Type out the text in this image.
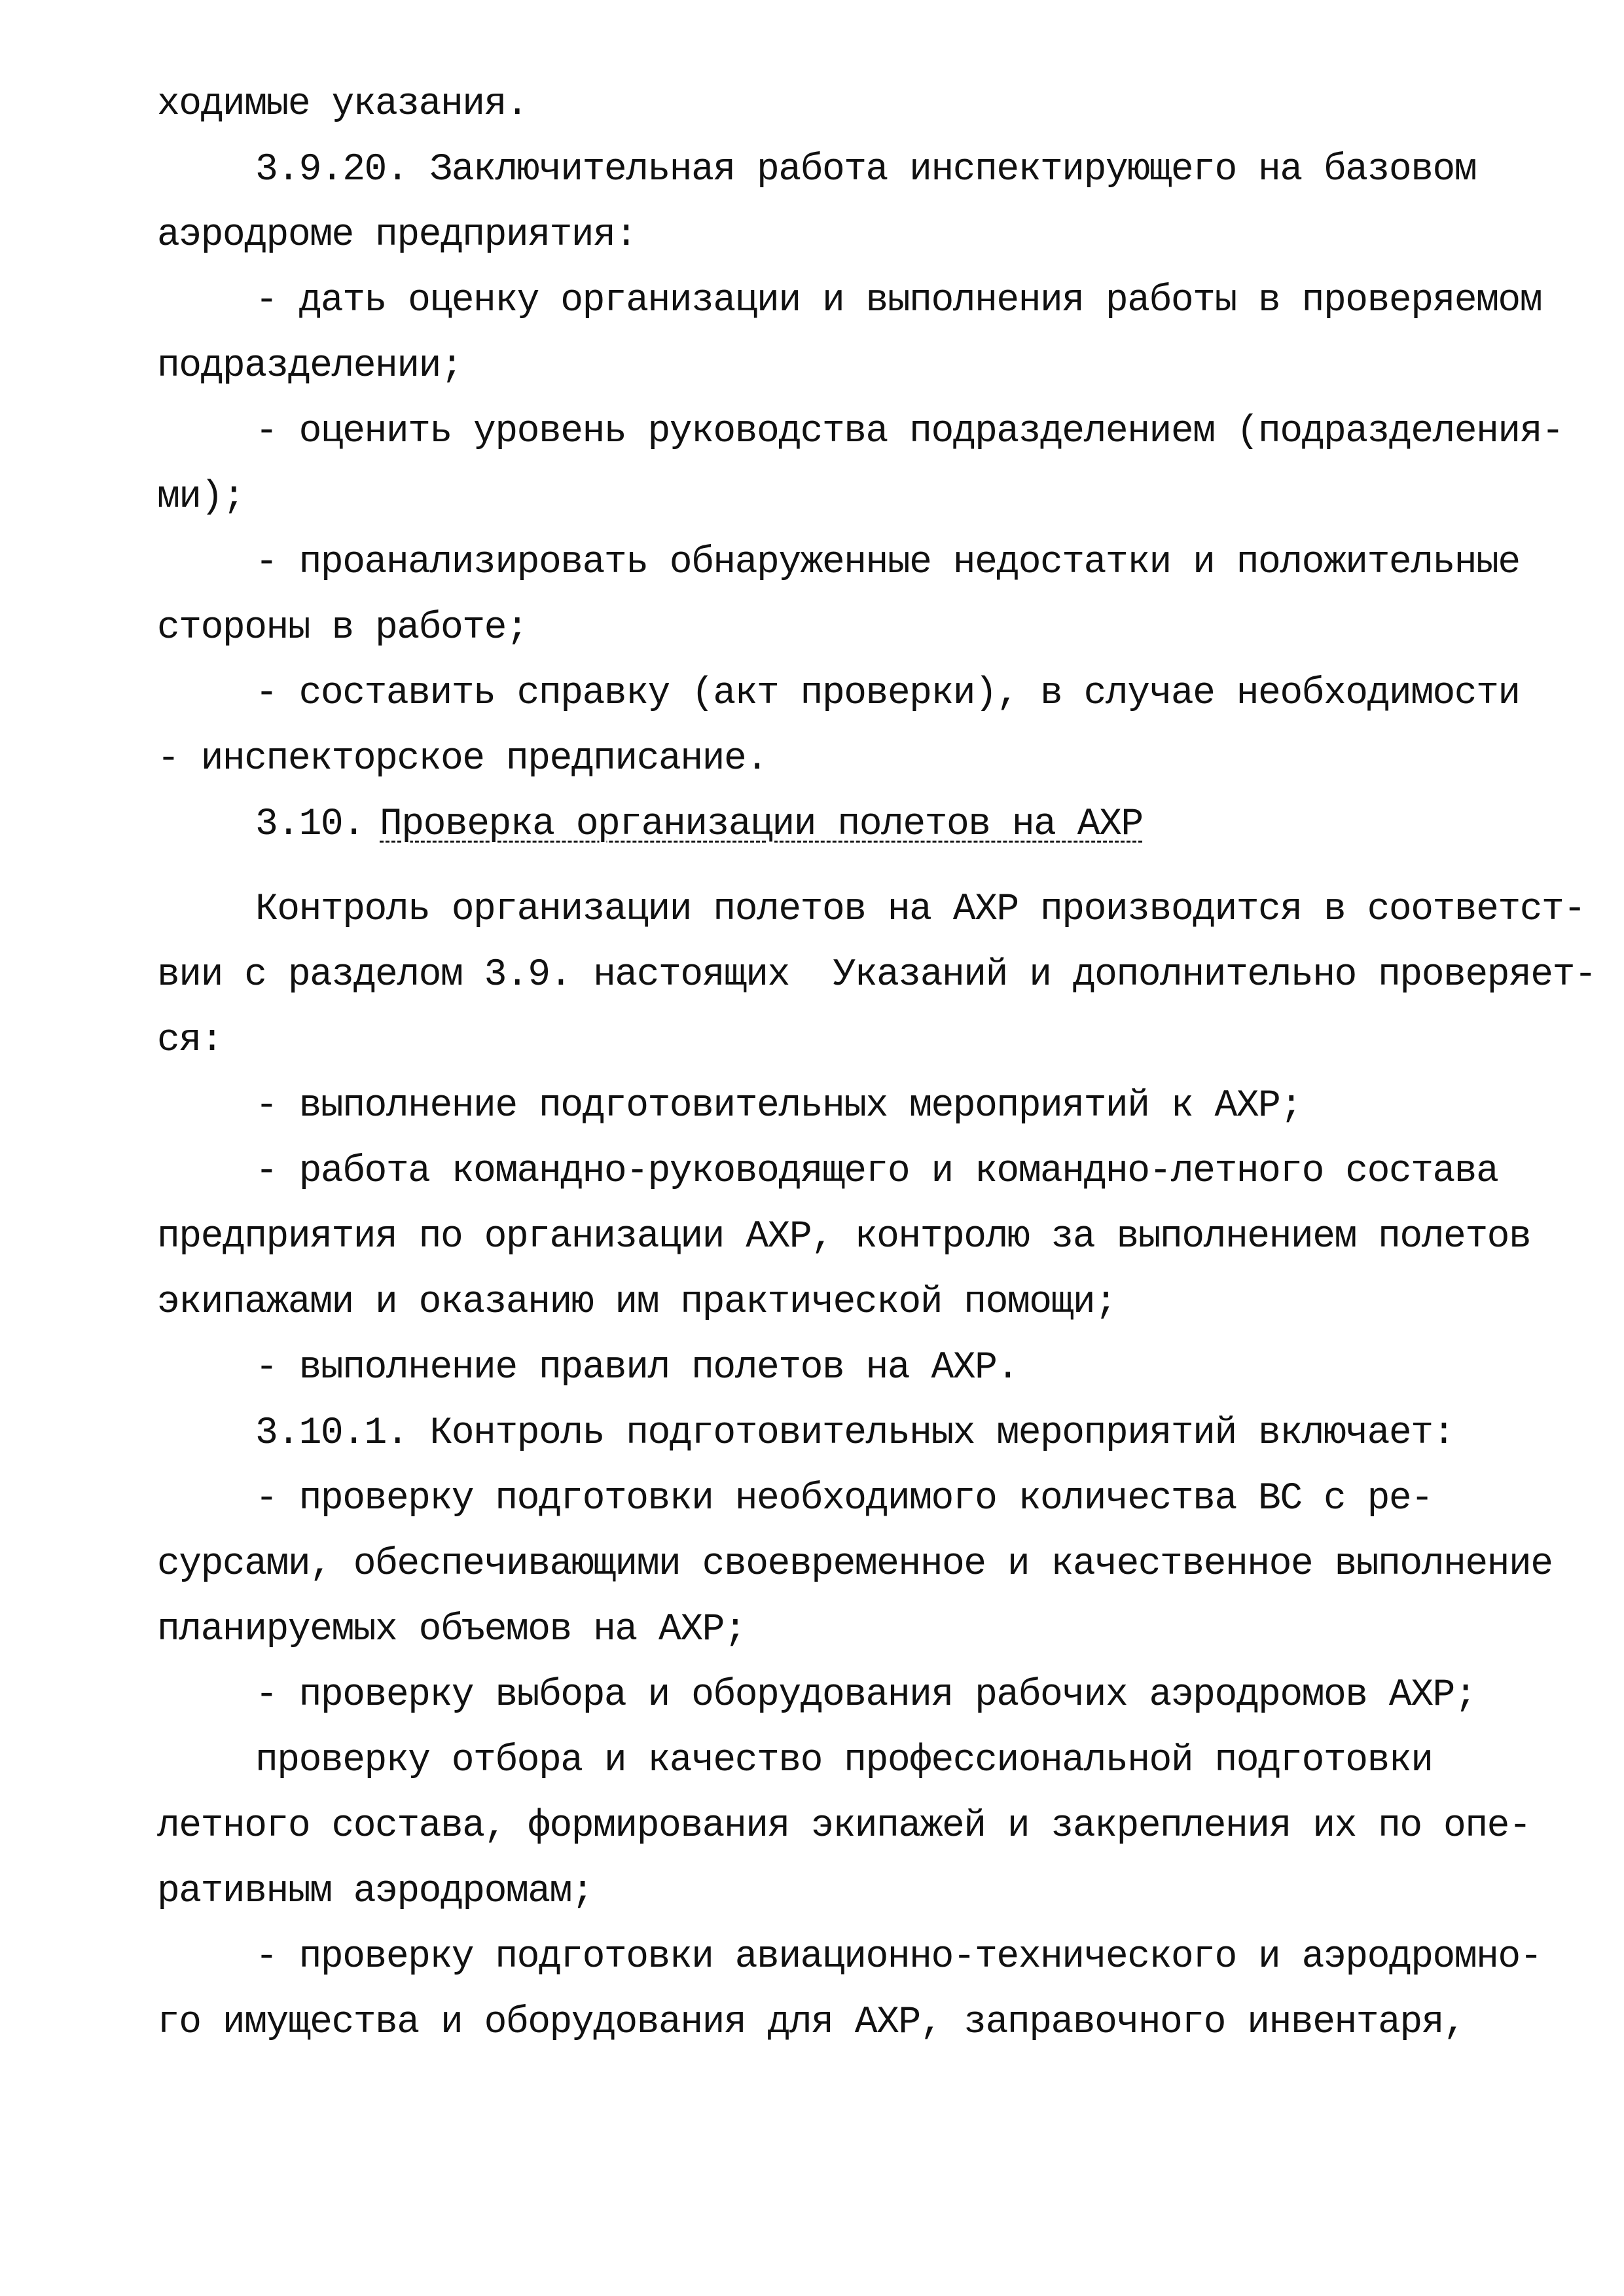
ходимые указания.
3.9.20. Заключительная работа инспектирующего на базовом
аэродроме предприятия:
- дать оценку организации и выполнения работы в проверяемом
подразделении;
- оценить уровень руководства подразделением (подразделения-
ми);
- проанализировать обнаруженные недостатки и положительные
стороны в работе;
- составить справку (акт проверки), в случае необходимости
- инспекторское предписание.
3.10. Проверка организации полетов на АХР
Контроль организации полетов на АХР производится в соответст-
вии с разделом 3.9. настоящих  Указаний и дополнительно проверяет-
ся:
- выполнение подготовительных мероприятий к АХР;
- работа командно-руководящего и командно-летного состава
предприятия по организации АХР, контролю за выполнением полетов
экипажами и оказанию им практической помощи;
- выполнение правил полетов на АХР.
3.10.1. Контроль подготовительных мероприятий включает:
- проверку подготовки необходимого количества ВС с ре-
сурсами, обеспечивающими своевременное и качественное выполнение
планируемых объемов на АХР;
- проверку выбора и оборудования рабочих аэродромов АХР;
проверку отбора и качество профессиональной подготовки
летного состава, формирования экипажей и закрепления их по опе-
ративным аэродромам;
- проверку подготовки авиационно-технического и аэродромно-
го имущества и оборудования для АХР, заправочного инвентаря,
